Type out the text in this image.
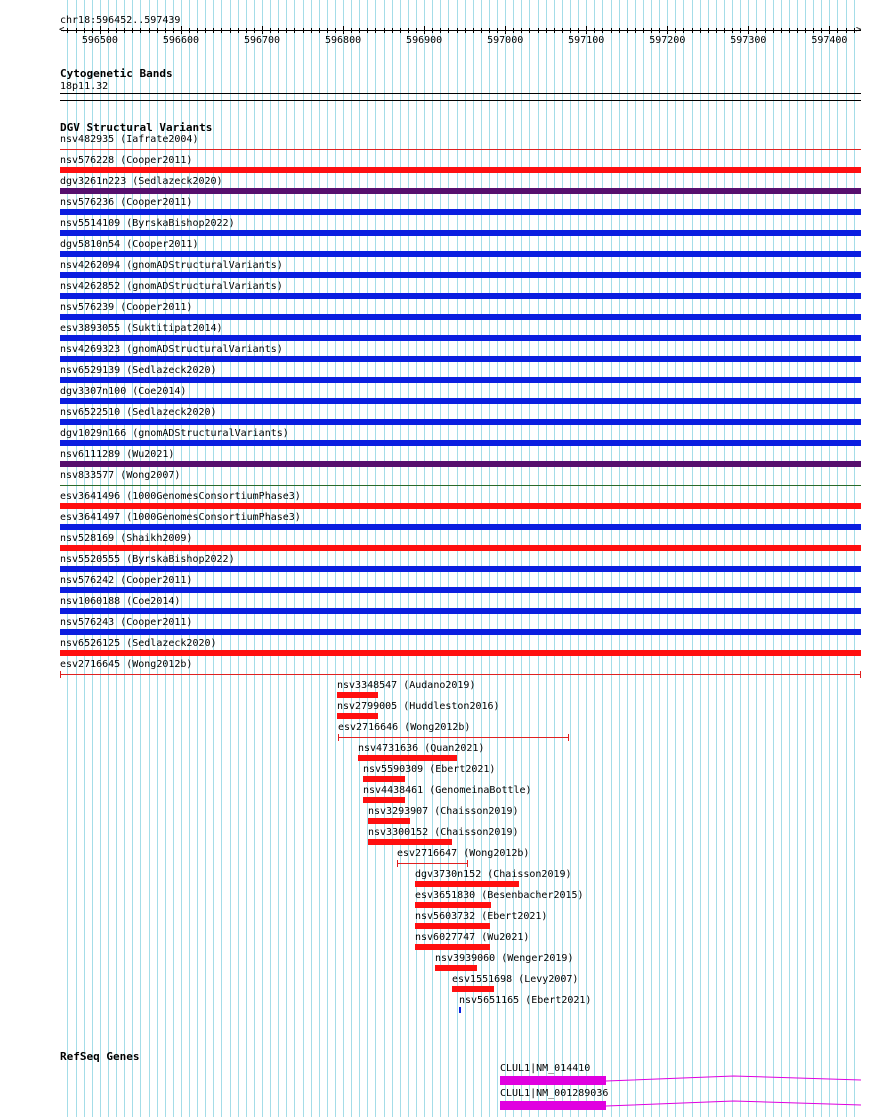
chr18:596452..597439
<	>
596500	596600	596700	596800	596900	597000	597100	597200	597300	597400
Cytogenetic Bands
18p11.32
DGV Structural Variants
nsv482935 (Iafrate2004)
nsv576228 (Cooper2011)
dgv3261n223 (Sedlazeck2020)
nsv576236 (Cooper2011)
nsv5514109 (ByrskaBishop2022)
dgv5810n54 (Cooper2011)
nsv4262094 (gnomADStructuralVariants)
nsv4262852 (gnomADStructuralVariants)
nsv576239 (Cooper2011)
esv3893055 (Suktitipat2014)
nsv4269323 (gnomADStructuralVariants)
nsv6529139 (Sedlazeck2020)
dgv3307n100 (Coe2014)
nsv6522510 (Sedlazeck2020)
dgv1029n166 (gnomADStructuralVariants)
nsv6111289 (Wu2021)
nsv833577 (Wong2007)
esv3641496 (1000GenomesConsortiumPhase3)
esv3641497 (1000GenomesConsortiumPhase3)
nsv528169 (Shaikh2009)
nsv5520555 (ByrskaBishop2022)
nsv576242 (Cooper2011)
nsv1060188 (Coe2014)
nsv576243 (Cooper2011)
nsv6526125 (Sedlazeck2020)
esv2716645 (Wong2012b)
nsv3348547 (Audano2019)
nsv2799005 (Huddleston2016)
esv2716646 (Wong2012b)
nsv4731636 (Quan2021)
nsv5590309 (Ebert2021)
nsv4438461 (GenomeinaBottle)
nsv3293907 (Chaisson2019)
nsv3300152 (Chaisson2019)
esv2716647 (Wong2012b)
dgv3730n152 (Chaisson2019)
esv3651830 (Besenbacher2015)
nsv5603732 (Ebert2021)
nsv6027747 (Wu2021)
nsv3939060 (Wenger2019)
esv1551698 (Levy2007)
nsv5651165 (Ebert2021)
RefSeq Genes
CLUL1|NM_014410
CLUL1|NM_001289036
